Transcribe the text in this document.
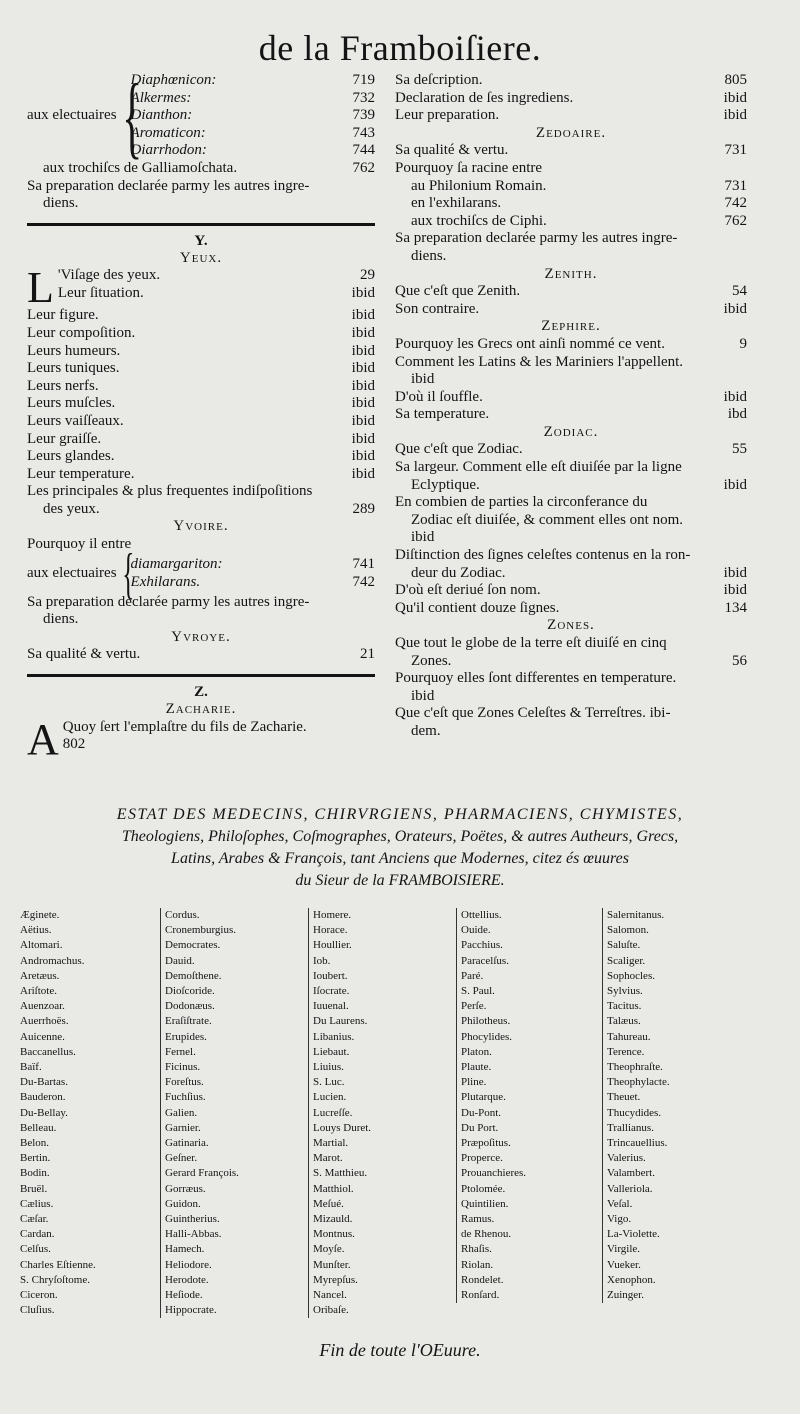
de la Framboiſiere.
aux electuaires {
Diaphœnicon:	719
Alkermes:	732
Dianthon:	739
Aromaticon:	743
Diarrhodon:	744
aux trochiſcs de Galliamoſchata.	762
Sa preparation declarée parmy les autres ingre-
diens.
Y.
Yeux.
L 'Viſage des yeux.	29
Leur ſituation.	ibid
Leur figure.	ibid
Leur compoſition.	ibid
Leurs humeurs.	ibid
Leurs tuniques.	ibid
Leurs nerfs.	ibid
Leurs muſcles.	ibid
Leurs vaiſſeaux.	ibid
Leur graiſſe.	ibid
Leurs glandes.	ibid
Leur temperature.	ibid
Les principales & plus frequentes indiſpoſitions
des yeux.	289
Yvoire.
Pourquoy il entre
aux electuaires {
diamargariton:	741
Exhilarans.	742
Sa preparation declarée parmy les autres ingre-
diens.
Yvroye.
Sa qualité & vertu.	21
Z.
Zacharie.
A Quoy ſert l'emplaſtre du fils de Zacharie.
802
Sa deſcription.	805
Declaration de ſes ingrediens.	ibid
Leur preparation.	ibid
Zedoaire.
Sa qualité & vertu.	731
Pourquoy ſa racine entre
au Philonium Romain.	731
en l'exhilarans.	742
aux trochiſcs de Ciphi.	762
Sa preparation declarée parmy les autres ingre-
diens.
Zenith.
Que c'eſt que Zenith.	54
Son contraire.	ibid
Zephire.
Pourquoy les Grecs ont ainſi nommé ce vent.	9
Comment les Latins & les Mariniers l'appellent.
ibid
D'où il ſouffle.	ibid
Sa temperature.	ibd
Zodiac.
Que c'eſt que Zodiac.	55
Sa largeur. Comment elle eſt diuiſée par la ligne
Eclyptique.	ibid
En combien de parties la circonferance du
Zodiac eſt diuiſée, & comment elles ont nom.
ibid
Diſtinction des ſignes celeſtes contenus en la ron-
deur du Zodiac.	ibid
D'où eſt deriué ſon nom.	ibid
Qu'il contient douze ſignes.	134
Zones.
Que tout le globe de la terre eſt diuiſé en cinq
Zones.	56
Pourquoy elles ſont differentes en temperature.
ibid
Que c'eſt que Zones Celeſtes & Terreſtres. ibi-
dem.
ESTAT DES MEDECINS, CHIRVRGIENS, PHARMACIENS, CHYMISTES,
Theologiens, Philoſophes, Coſmographes, Orateurs, Poëtes, & autres Autheurs, Grecs,
Latins, Arabes & François, tant Anciens que Modernes, citez és œuures
du Sieur de la FRAMBOISIERE.
Æginete.
Aëtius.
Altomari.
Andromachus.
Aretæus.
Ariſtote.
Auenzoar.
Auerrhoës.
Auicenne.
Baccanellus.
Baïf.
Du-Bartas.
Bauderon.
Du-Bellay.
Belleau.
Belon.
Bertin.
Bodin.
Bruël.
Cælius.
Cæſar.
Cardan.
Celſus.
Charles Eſtienne.
S. Chryſoſtome.
Ciceron.
Cluſius.
Cordus.
Cronemburgius.
Democrates.
Dauid.
Demoſthene.
Dioſcoride.
Dodonæus.
Eraſiſtrate.
Erupides.
Fernel.
Ficinus.
Foreſtus.
Fuchſius.
Galien.
Garnier.
Gatinaria.
Geſner.
Gerard François.
Gorræus.
Guidon.
Guintherius.
Halli-Abbas.
Hamech.
Heliodore.
Herodote.
Heſiode.
Hippocrate.
Homere.
Horace.
Houllier.
Iob.
Ioubert.
Iſocrate.
Iuuenal.
Du Laurens.
Libanius.
Liebaut.
Liuius.
S. Luc.
Lucien.
Lucreſſe.
Louys Duret.
Martial.
Marot.
S. Matthieu.
Matthiol.
Meſué.
Mizauld.
Montnus.
Moyſe.
Munſter.
Myrepſus.
Nancel.
Oribaſe.
Ottellius.
Ouide.
Pacchius.
Paracelſus.
Paré.
S. Paul.
Perſe.
Philotheus.
Phocylides.
Platon.
Plaute.
Pline.
Plutarque.
Du-Pont.
Du Port.
Præpoſitus.
Properce.
Prouanchieres.
Ptolomée.
Quintilien.
Ramus.
de Rhenou.
Rhaſis.
Riolan.
Rondelet.
Ronſard.
Salernitanus.
Salomon.
Saluſte.
Scaliger.
Sophocles.
Sylvius.
Tacitus.
Talæus.
Tahureau.
Terence.
Theophraſte.
Theophylacte.
Theuet.
Thucydides.
Trallianus.
Trincauellius.
Valerius.
Valambert.
Valleriola.
Veſal.
Vigo.
La-Violette.
Virgile.
Vueker.
Xenophon.
Zuinger.
Fin de toute l'OEuure.
